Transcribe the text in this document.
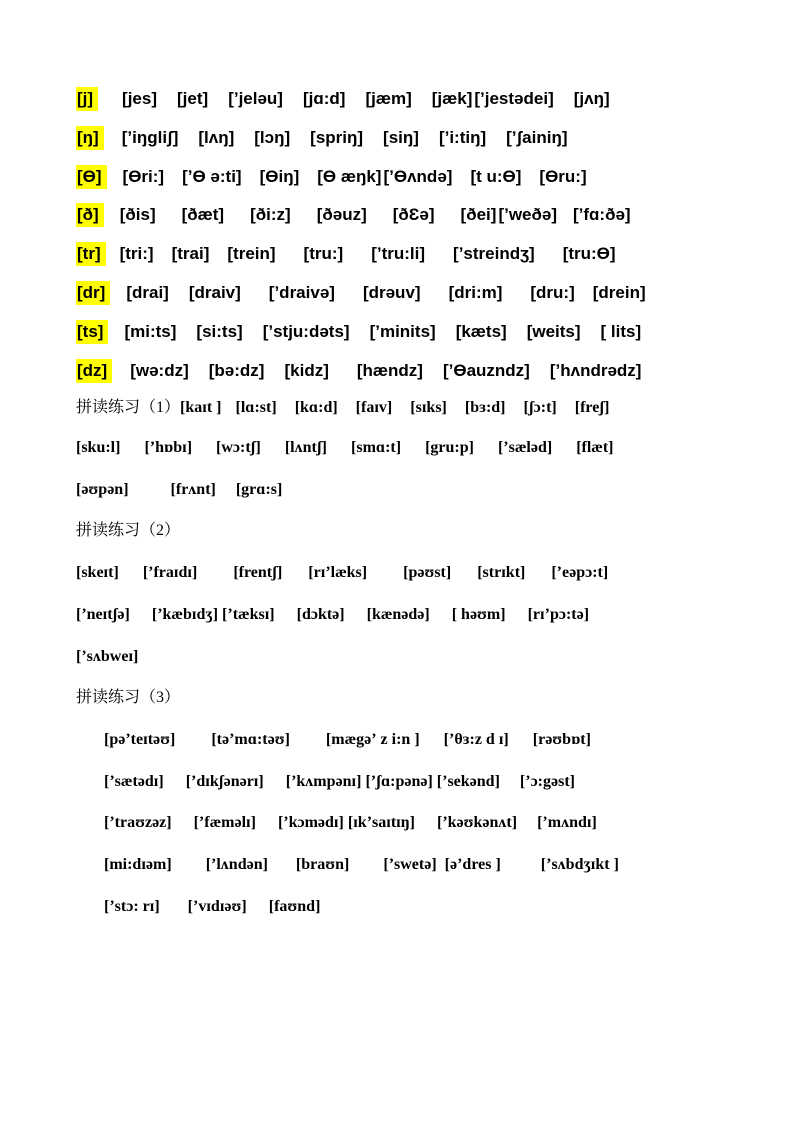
[j] [jes] [jet] [ʼjeləu] [jɑ:d] [jæm] [jæk] [ʼjestədei] [jʌŋ]
[ŋ] [ʼiŋgliʃ] [lʌŋ] [lɔŋ] [spriŋ] [siŋ] [ʼi:tiŋ] [ʼʃainiŋ]
[Ө] [Өri:] [ʼӨ ə:ti] [Өiŋ] [Ө æŋk] [ʼӨʌndə] [t u:Ө] [Өru:]
[ð] [ðis] [ðæt] [ði:z] [ðəuz] [ðƐə] [ðei] [ʼweðə] [ʼfɑ:ðə]
[tr] [tri:] [trai] [trein] [tru:] [ʼtru:li] [ʼstreindʒ] [tru:Ө]
[dr] [drai] [draiv] [ʼdraivə] [drəuv] [dri:m] [dru:] [drein]
[ts] [mi:ts] [si:ts] [ʼstju:dəts] [ʼminits] [kæts] [weits] [ lits]
[dz] [wə:dz] [bə:dz] [kidz] [hændz] [ʼӨauzndz] [ʼhʌndrədz]
拼读练习（1）[kaɪt ] [lɑ:st] [kɑ:d] [faɪv] [sɪks] [bɜ:d] [ʃɔ:t] [freʃ]
[sku:l] [ʼhɒbɪ] [wɔ:tʃ] [lʌntʃ] [smɑ:t] [gru:p] [ʼsæləd] [flæt]
[əʊpən]	[frʌnt] [grɑ:s]
拼读练习（2）
[skeɪt] [ʼfraɪdɪ] [frentʃ] [rɪʼlæks] [pəʊst] [strɪkt] [ʼeəpɔ:t]
[ʼneɪtʃə] [ʼkæbɪdʒ] [ʼtæksɪ] [dɔktə] [kænədə] [ həʊm] [rɪʼpɔ:tə]
[ʼsʌbweɪ]
拼读练习（3）
[pəʼteɪtəʊ] [təʼmɑ:təʊ] [mægəʼ z i:n ] [ʼθɜ:z d ɪ] [rəʊbɒt]
[ʼsætədɪ] [ʼdɪkʃənərɪ] [ʼkʌmpənɪ] [ʼʃɑ:pənə] [ʼsekənd] [ʼɔ:gəst]
[ʼtraʊzəz] [ʼfæməlɪ] [ʼkɔmədɪ] [ɪkʼsaɪtɪŋ] [ʼkəʊkənʌt] [ʼmʌndɪ]
[mi:dɪəm] [ʼlʌndən] [braʊn] [ʼswetə] [əʼdres ]	[ʼsʌbdʒɪkt ]
[ʼstɔ: rɪ] [ʼvɪdɪəʊ] [faʊnd]
